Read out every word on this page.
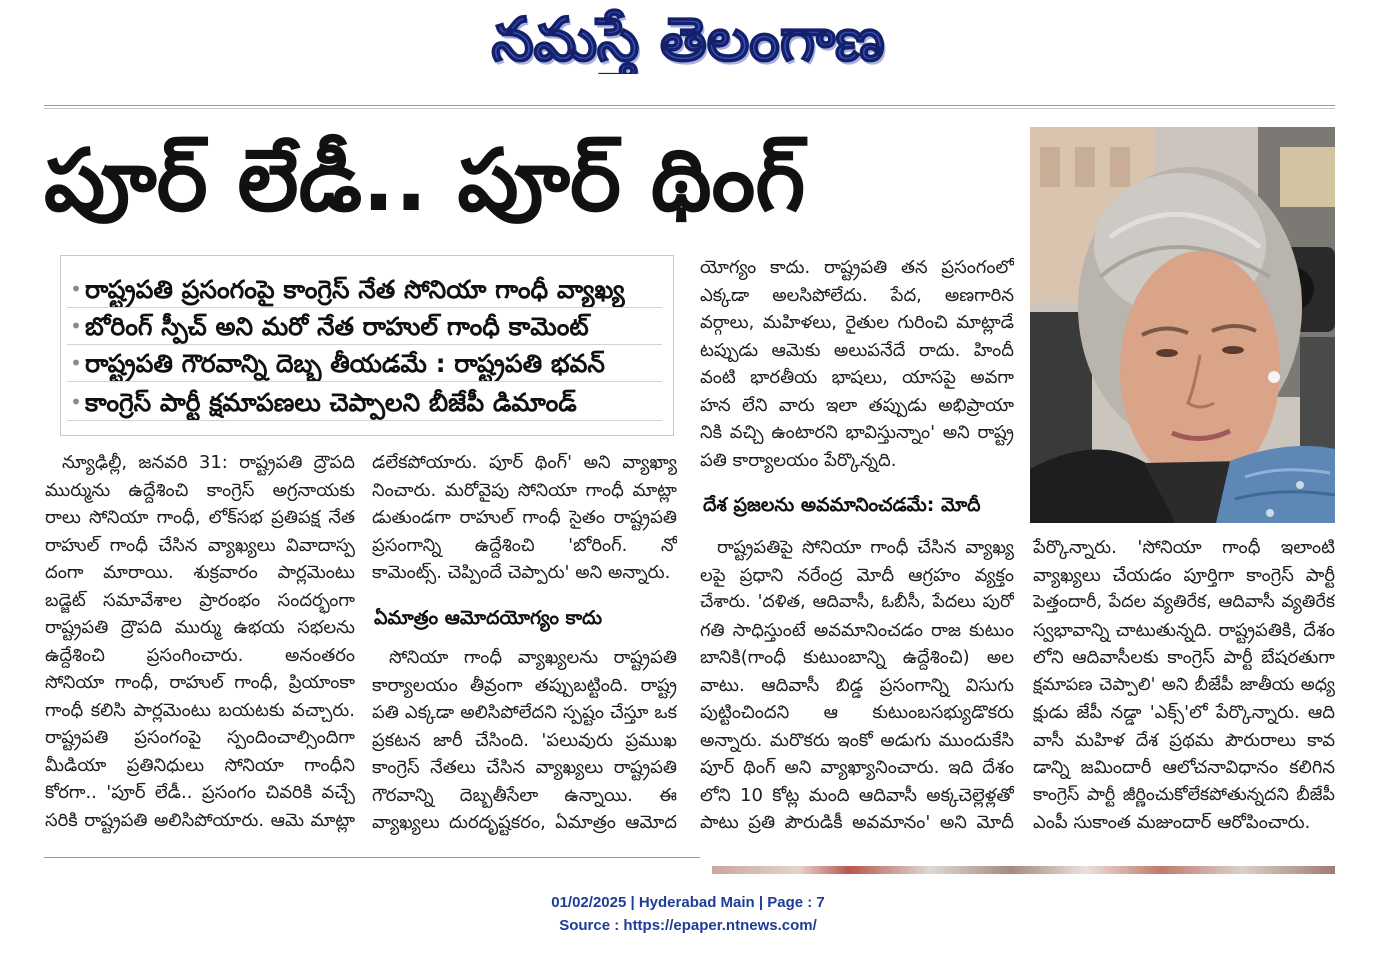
నమస్తే తెలంగాణ
పూర్ లేడీ.. పూర్ థింగ్
• రాష్ట్రపతి ప్రసంగంపై కాంగ్రెస్ నేత సోనియా గాంధీ వ్యాఖ్య
• బోరింగ్ స్పీచ్ అని మరో నేత రాహుల్ గాంధీ కామెంట్
• రాష్ట్రపతి గౌరవాన్ని దెబ్బ తీయడమే : రాష్ట్రపతి భవన్
• కాంగ్రెస్ పార్టీ క్షమాపణలు చెప్పాలని బీజేపీ డిమాండ్
న్యూఢిల్లీ, జనవరి 31: రాష్ట్రపతి ద్రౌపది
ముర్మును ఉద్దేశించి కాంగ్రెస్ అగ్రనాయకు
రాలు సోనియా గాంధీ, లోక్‌సభ ప్రతిపక్ష నేత
రాహుల్ గాంధీ చేసిన వ్యాఖ్యలు వివాదాస్ప
దంగా మారాయి. శుక్రవారం పార్లమెంటు
బడ్జెట్ సమావేశాల ప్రారంభం సందర్భంగా
రాష్ట్రపతి ద్రౌపది ముర్ము ఉభయ సభలను
ఉద్దేశించి ప్రసంగించారు. అనంతరం
సోనియా గాంధీ, రాహుల్ గాంధీ, ప్రియాంకా
గాంధీ కలిసి పార్లమెంటు బయటకు వచ్చారు.
రాష్ట్రపతి ప్రసంగంపై స్పందించాల్సిందిగా
మీడియా ప్రతినిధులు సోనియా గాంధీని
కోరగా.. 'పూర్ లేడీ.. ప్రసంగం చివరికి వచ్చే
సరికి రాష్ట్రపతి అలిసిపోయారు. ఆమె మాట్లా
డలేకపోయారు. పూర్ థింగ్' అని వ్యాఖ్యా
నించారు. మరోవైపు సోనియా గాంధీ మాట్లా
డుతుండగా రాహుల్ గాంధీ సైతం రాష్ట్రపతి
ప్రసంగాన్ని ఉద్దేశించి 'బోరింగ్. నో
కామెంట్స్. చెప్పిందే చెప్పారు' అని అన్నారు.
ఏమాత్రం ఆమోదయోగ్యం కాదు
సోనియా గాంధీ వ్యాఖ్యలను రాష్ట్రపతి
కార్యాలయం తీవ్రంగా తప్పుబట్టింది. రాష్ట్ర
పతి ఎక్కడా అలిసిపోలేదని స్పష్టం చేస్తూ ఒక
ప్రకటన జారీ చేసింది. 'పలువురు ప్రముఖ
కాంగ్రెస్ నేతలు చేసిన వ్యాఖ్యలు రాష్ట్రపతి
గౌరవాన్ని దెబ్బతీసేలా ఉన్నాయి. ఈ
వ్యాఖ్యలు దురదృష్టకరం, ఏమాత్రం ఆమోద
యోగ్యం కాదు. రాష్ట్రపతి తన ప్రసంగంలో
ఎక్కడా అలసిపోలేదు. పేద, అణగారిన
వర్గాలు, మహిళలు, రైతుల గురించి మాట్లాడే
టప్పుడు ఆమెకు అలుపనేదే రాదు. హిందీ
వంటి భారతీయ భాషలు, యాసపై అవగా
హన లేని వారు ఇలా తప్పుడు అభిప్రాయా
నికి వచ్చి ఉంటారని భావిస్తున్నాం' అని రాష్ట్ర
పతి కార్యాలయం పేర్కొన్నది.
దేశ ప్రజలను అవమానించడమే: మోదీ
రాష్ట్రపతిపై సోనియా గాంధీ చేసిన వ్యాఖ్య
లపై ప్రధాని నరేంద్ర మోదీ ఆగ్రహం వ్యక్తం
చేశారు. 'దళిత, ఆదివాసీ, ఓబీసీ, పేదలు పురో
గతి సాధిస్తుంటే అవమానించడం రాజ కుటుం
బానికి(గాంధీ కుటుంబాన్ని ఉద్దేశించి) అల
వాటు. ఆదివాసీ బిడ్డ ప్రసంగాన్ని విసుగు
పుట్టించిందని ఆ కుటుంబసభ్యుడొకరు
అన్నారు. మరొకరు ఇంకో అడుగు ముందుకేసి
పూర్ థింగ్ అని వ్యాఖ్యానించారు. ఇది దేశం
లోని 10 కోట్ల మంది ఆదివాసీ అక్కచెల్లెళ్లతో
పాటు ప్రతి పౌరుడికీ అవమానం' అని మోదీ
పేర్కొన్నారు. 'సోనియా గాంధీ ఇలాంటి
వ్యాఖ్యలు చేయడం పూర్తిగా కాంగ్రెస్ పార్టీ
పెత్తందారీ, పేదల వ్యతిరేక, ఆదివాసీ వ్యతిరేక
స్వభావాన్ని చాటుతున్నది. రాష్ట్రపతికి, దేశం
లోని ఆదివాసీలకు కాంగ్రెస్ పార్టీ బేషరతుగా
క్షమాపణ చెప్పాలి' అని బీజేపీ జాతీయ అధ్య
క్షుడు జేపీ నడ్డా 'ఎక్స్'లో పేర్కొన్నారు. ఆది
వాసీ మహిళ దేశ ప్రథమ పౌరురాలు కావ
డాన్ని జమిందారీ ఆలోచనావిధానం కలిగిన
కాంగ్రెస్ పార్టీ జీర్ణించుకోలేకపోతున్నదని బీజేపీ
ఎంపీ సుకాంత మజుందార్ ఆరోపించారు.
01/02/2025 | Hyderabad Main | Page : 7
Source : https://epaper.ntnews.com/
